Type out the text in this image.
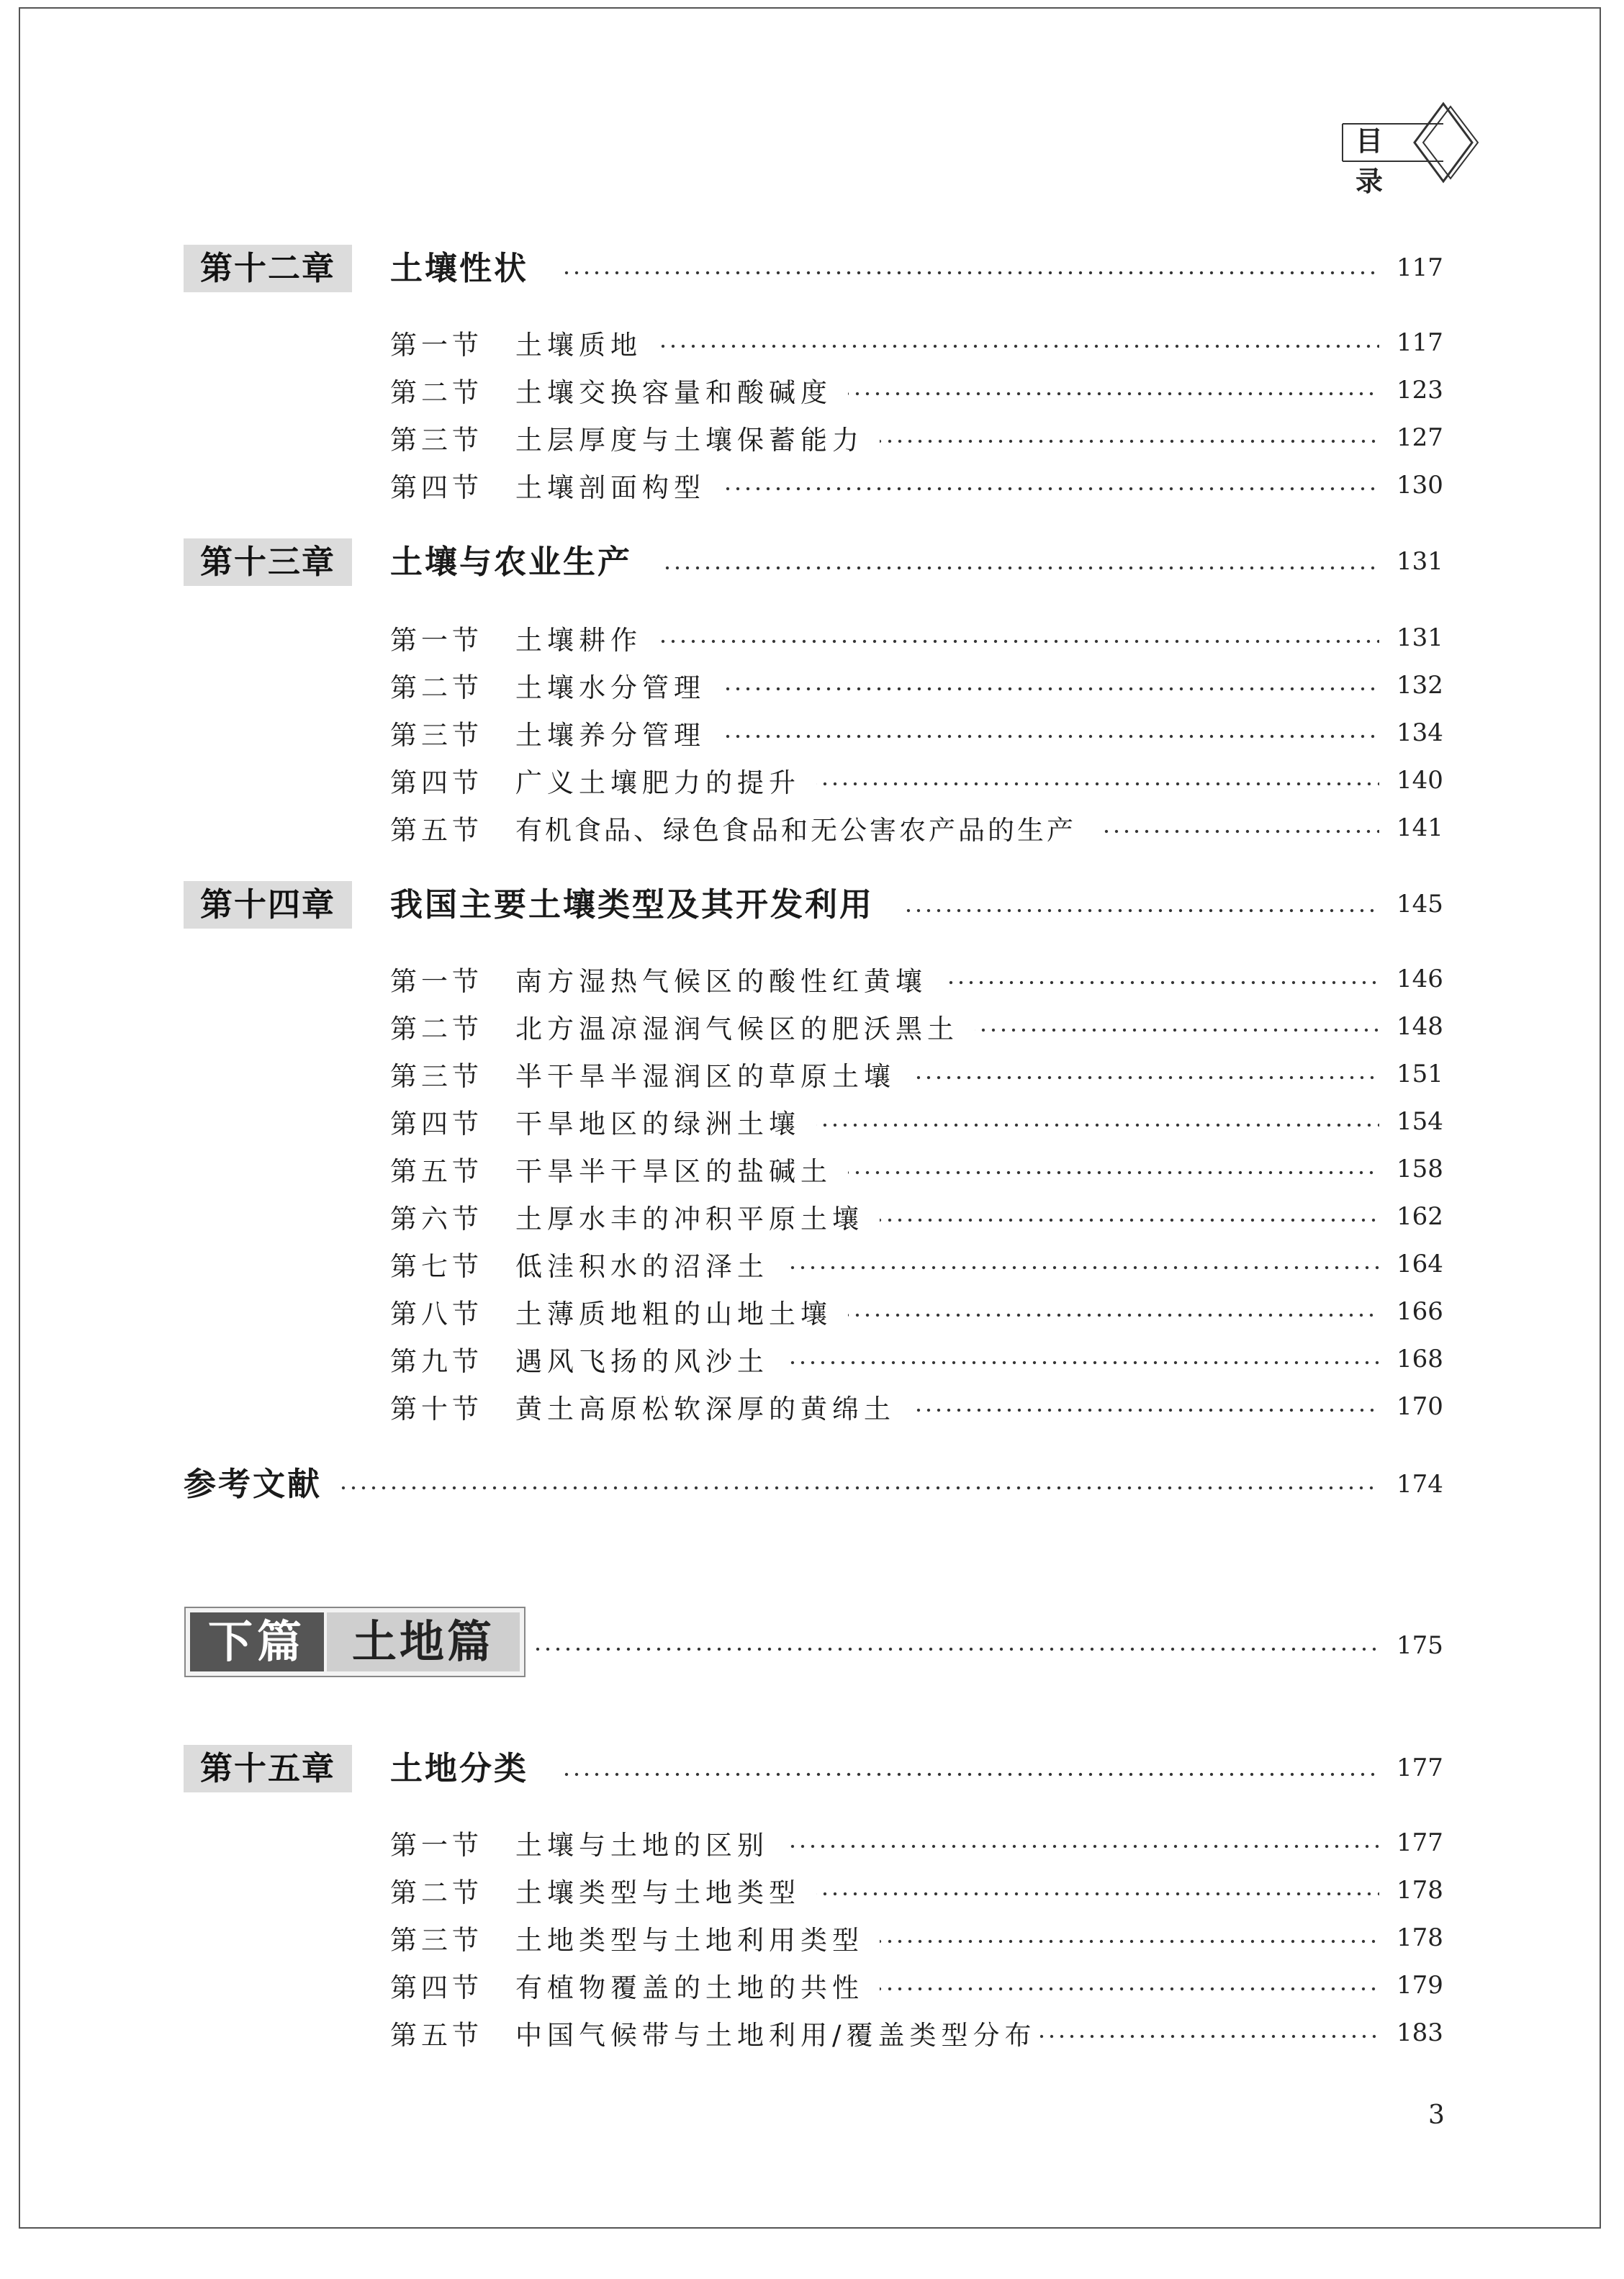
目录
第十二章	土壤性状	117
第一节 土壤质地	117
第二节 土壤交换容量和酸碱度	123
第三节 土层厚度与土壤保蓄能力	127
第四节 土壤剖面构型	130
第十三章	土壤与农业生产	131
第一节 土壤耕作	131
第二节 土壤水分管理	132
第三节 土壤养分管理	134
第四节 广义土壤肥力的提升	140
第五节 有机食品、绿色食品和无公害农产品的生产	141
第十四章	我国主要土壤类型及其开发利用	145
第一节 南方湿热气候区的酸性红黄壤	146
第二节 北方温凉湿润气候区的肥沃黑土	148
第三节 半干旱半湿润区的草原土壤	151
第四节 干旱地区的绿洲土壤	154
第五节 干旱半干旱区的盐碱土	158
第六节 土厚水丰的冲积平原土壤	162
第七节 低洼积水的沼泽土	164
第八节 土薄质地粗的山地土壤	166
第九节 遇风飞扬的风沙土	168
第十节 黄土高原松软深厚的黄绵土	170
参考文献	174
下篇	土地篇	175
第十五章	土地分类	177
第一节 土壤与土地的区别	177
第二节 土壤类型与土地类型	178
第三节 土地类型与土地利用类型	178
第四节 有植物覆盖的土地的共性	179
第五节 中国气候带与土地利用/覆盖类型分布	183
3
